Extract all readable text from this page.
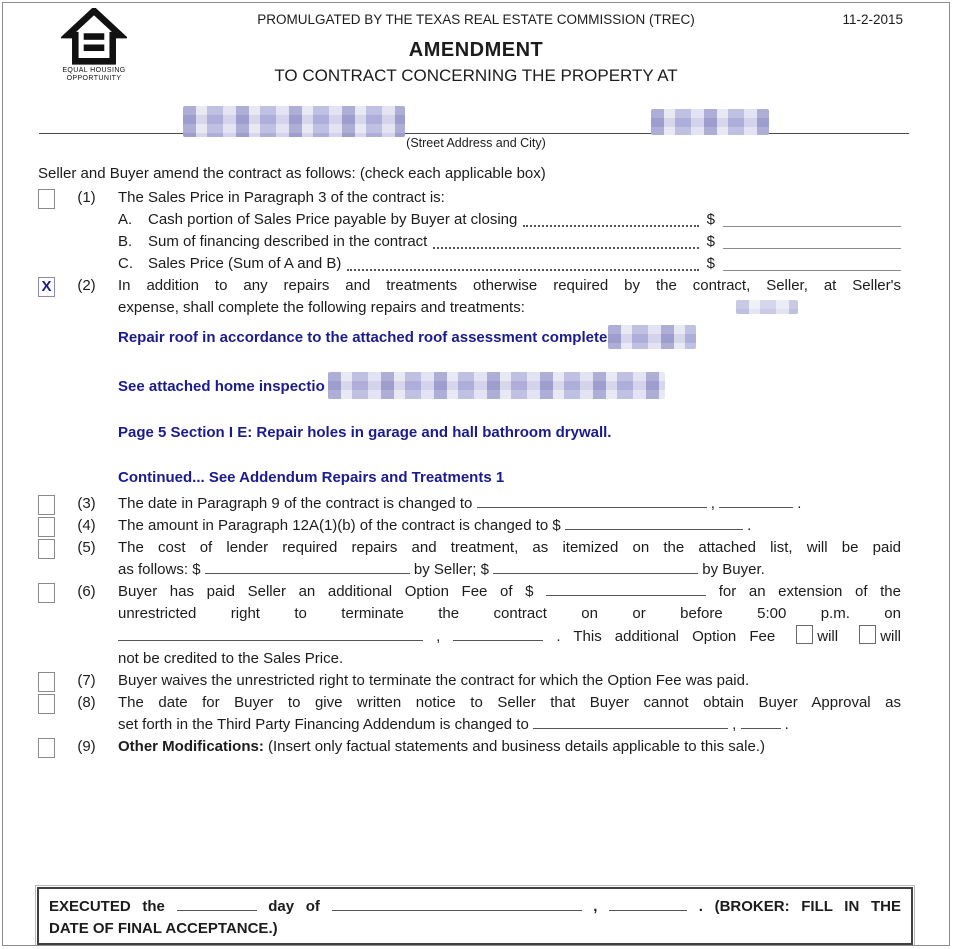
EQUAL HOUSING
OPPORTUNITY
PROMULGATED BY THE TEXAS REAL ESTATE COMMISSION (TREC)	11-2-2015
AMENDMENT
TO CONTRACT CONCERNING THE PROPERTY AT
(Street Address and City)
Seller and Buyer amend the contract as follows: (check each applicable box)
(1)	The Sales Price in Paragraph 3 of the contract is:
A.	Cash portion of Sales Price payable by Buyer at closing	$
B.	Sum of financing described in the contract	$
C.	Sales Price (Sum of A and B)	$
X	(2)	In addition to any repairs and treatments otherwise required by the contract, Seller, at Seller's
expense, shall complete the following repairs and treatments:
Repair roof in accordance to the attached roof assessment complete
See attached home inspectio
Page 5 Section I E: Repair holes in garage and hall bathroom drywall.
Continued... See Addendum Repairs and Treatments 1
(3)	The date in Paragraph 9 of the contract is changed to	,	.
(4)	The amount in Paragraph 12A(1)(b) of the contract is changed to $	.
(5)	The cost of lender required repairs and treatment, as itemized on the attached list, will be paid
as follows: $	by Seller; $	by Buyer.
(6)	Buyer has paid Seller an additional Option Fee of $	for an extension of the
unrestricted right to terminate the contract on or before 5:00 p.m. on
,	. This additional Option Fee	will	will
not be credited to the Sales Price.
(7)	Buyer waives the unrestricted right to terminate the contract for which the Option Fee was paid.
(8)	The date for Buyer to give written notice to Seller that Buyer cannot obtain Buyer Approval as
set forth in the Third Party Financing Addendum is changed to	,	.
(9)	Other Modifications: (Insert only factual statements and business details applicable to this sale.)
EXECUTED the	day of	,	. (BROKER: FILL IN THE
DATE OF FINAL ACCEPTANCE.)
